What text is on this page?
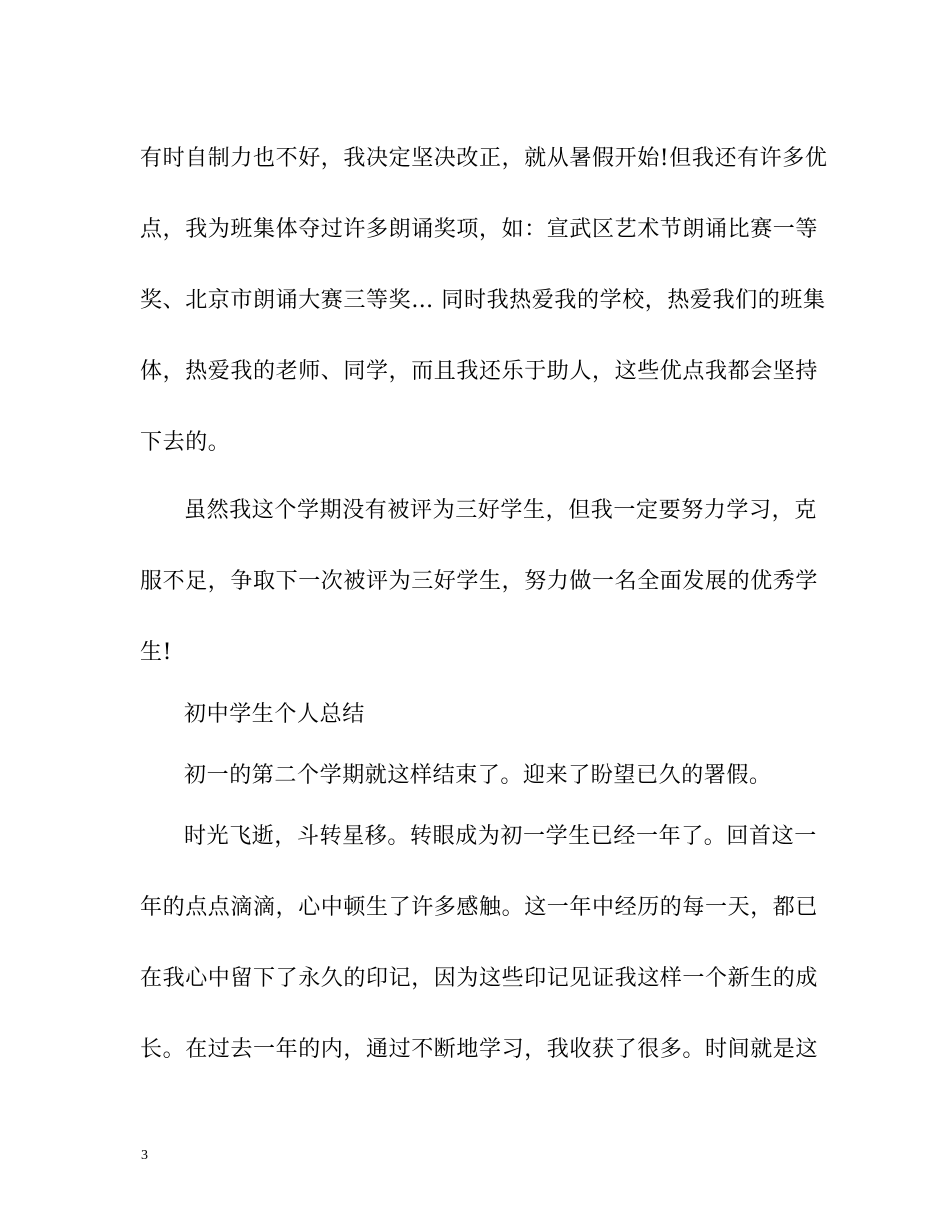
有时自制力也不好，我决定坚决改正，就从暑假开始!但我还有许多优
点，我为班集体夺过许多朗诵奖项，如：宣武区艺术节朗诵比赛一等
奖、北京市朗诵大赛三等奖… 同时我热爱我的学校，热爱我们的班集
体，热爱我的老师、同学，而且我还乐于助人，这些优点我都会坚持
下去的。
虽然我这个学期没有被评为三好学生，但我一定要努力学习，克
服不足，争取下一次被评为三好学生，努力做一名全面发展的优秀学
生!
初中学生个人总结
初一的第二个学期就这样结束了。迎来了盼望已久的署假。
时光飞逝，斗转星移。转眼成为初一学生已经一年了。回首这一
年的点点滴滴，心中顿生了许多感触。这一年中经历的每一天，都已
在我心中留下了永久的印记，因为这些印记见证我这样一个新生的成
长。在过去一年的内，通过不断地学习，我收获了很多。时间就是这
3
